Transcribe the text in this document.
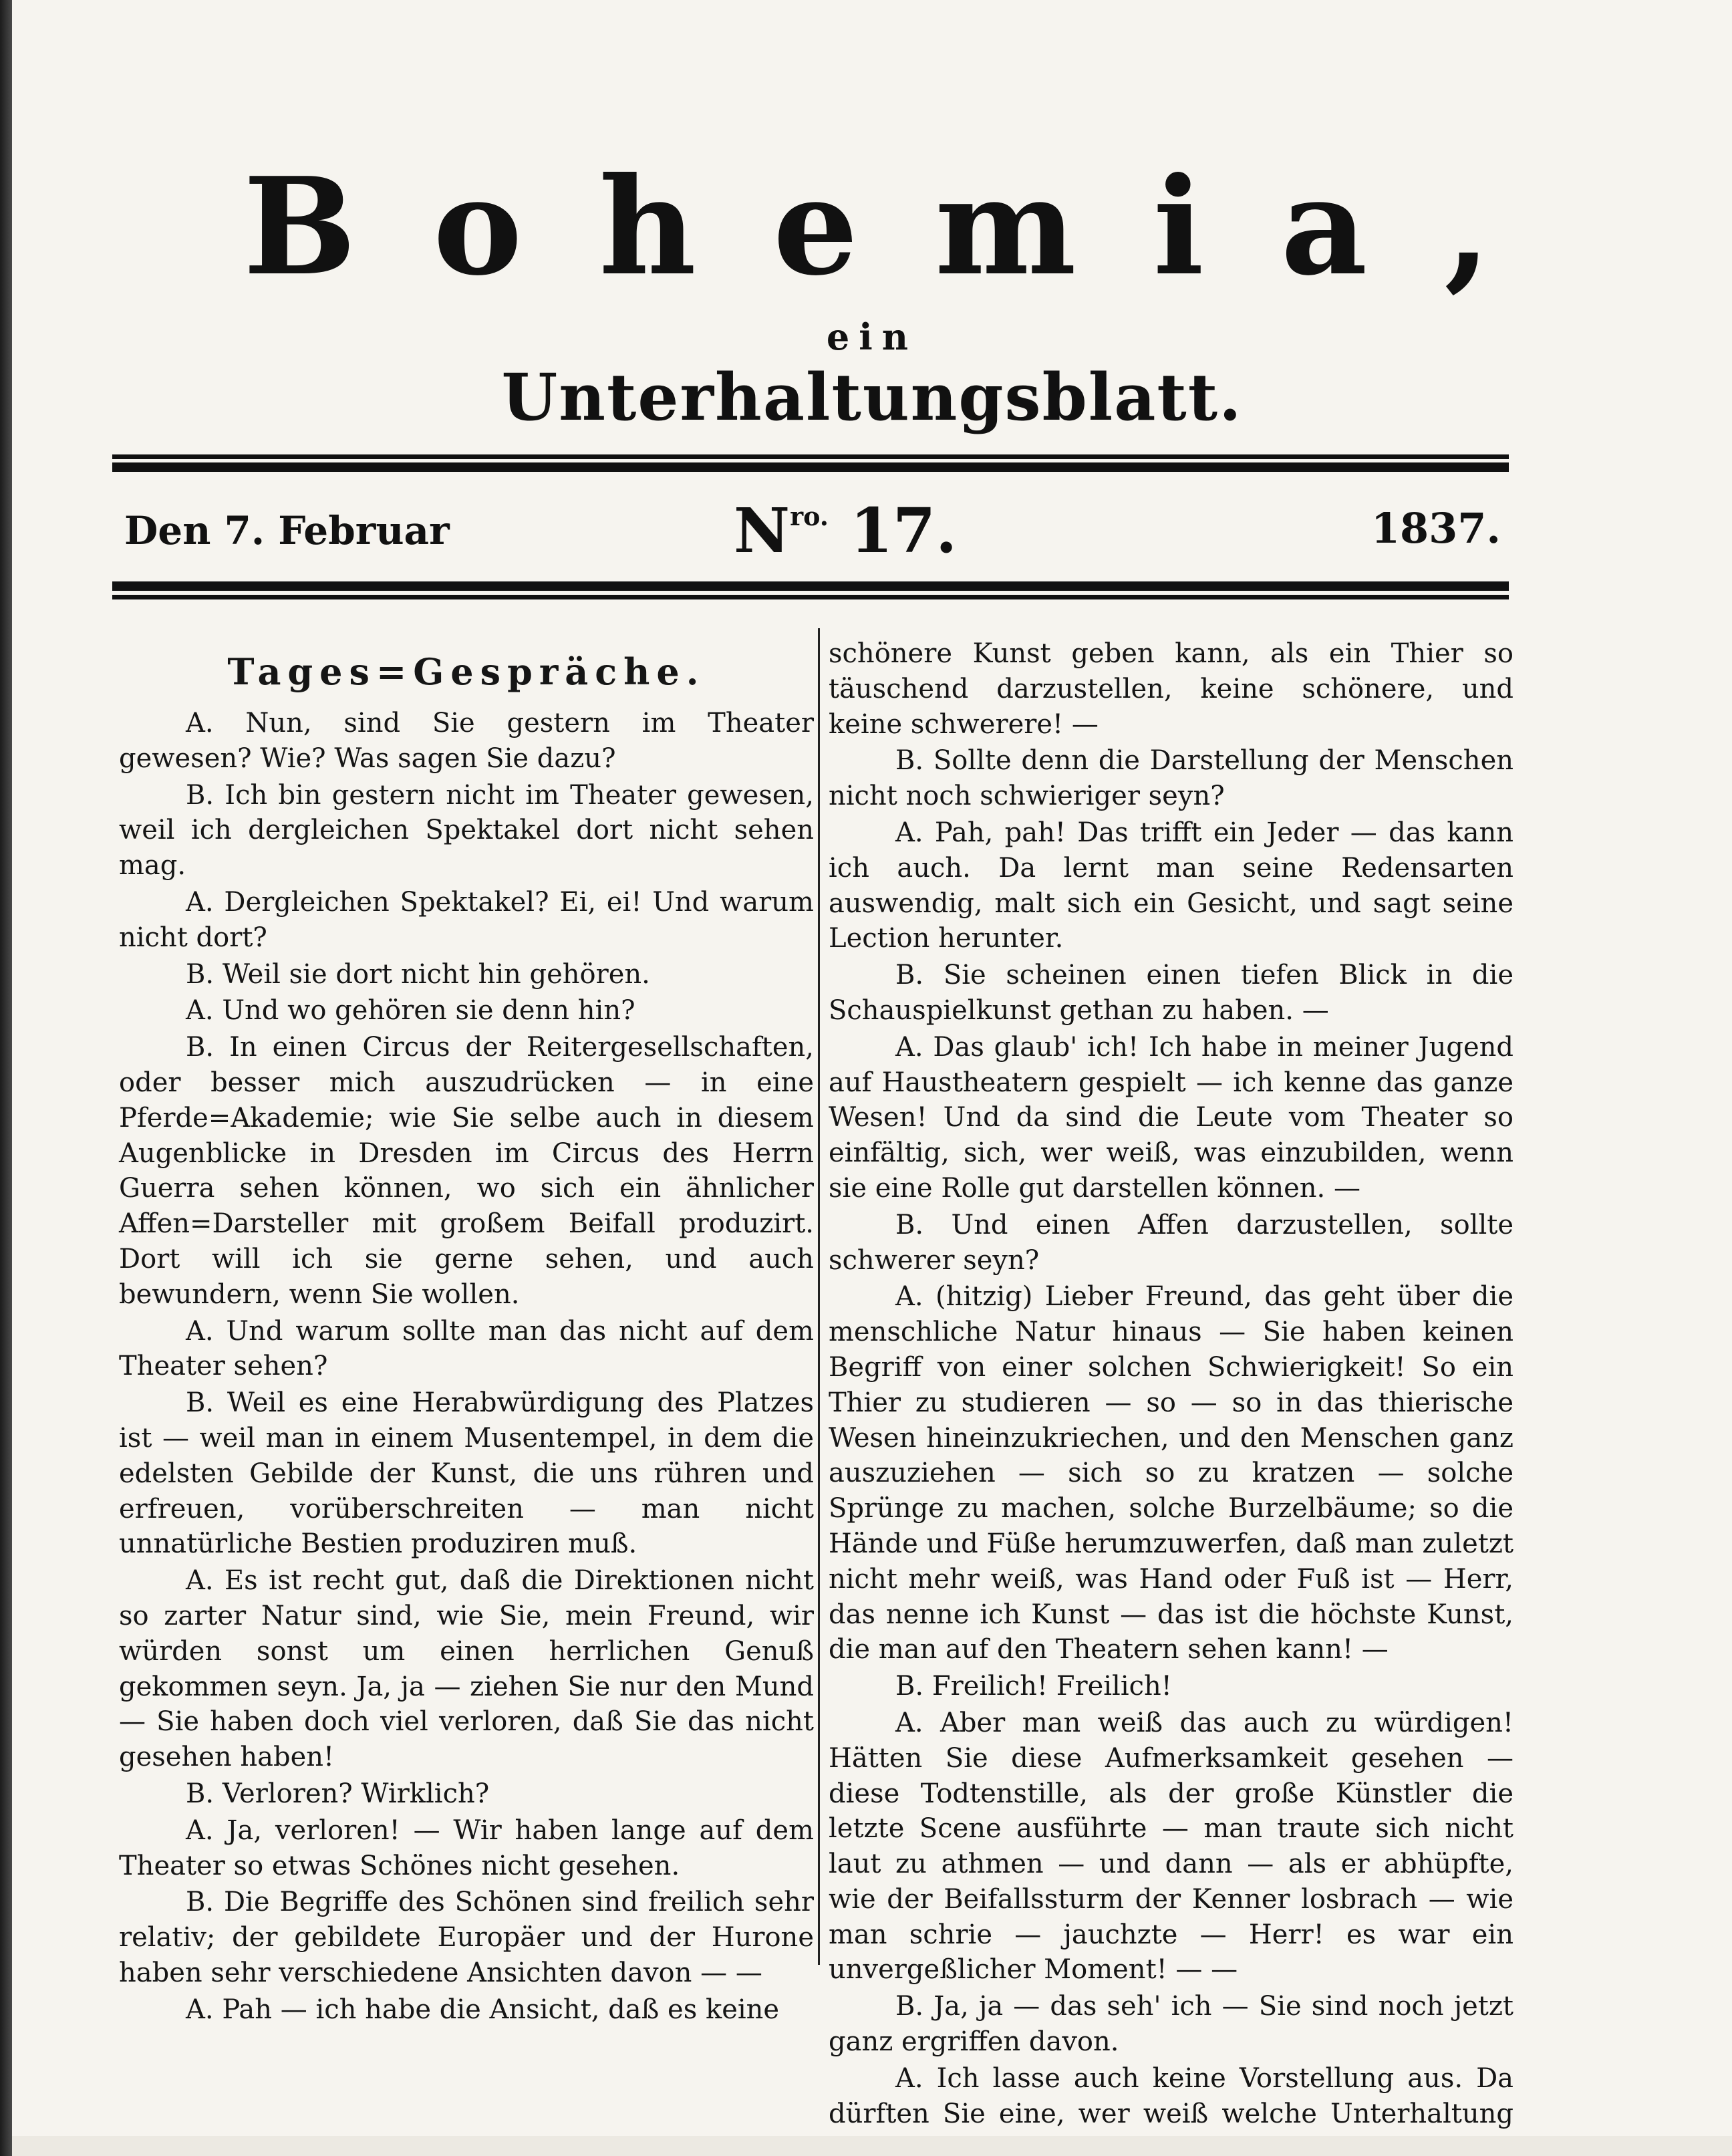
Bohemia,
ein
Unterhaltungsblatt.
Den 7. Februar	$N^{ro.}$ 17.	1837.
Tages=Gespräche.

A. Nun, sind Sie gestern im Theater gewesen? Wie? Was sagen Sie dazu?

B. Ich bin gestern nicht im Theater gewesen, weil ich dergleichen Spektakel dort nicht sehen mag.

A. Dergleichen Spektakel? Ei, ei! Und warum nicht dort?

B. Weil sie dort nicht hin gehören.

A. Und wo gehören sie denn hin?

B. In einen Circus der Reitergesellschaften, oder besser mich auszudrücken — in eine Pferde=Akademie; wie Sie selbe auch in diesem Augenblicke in Dresden im Circus des Herrn Guerra sehen können, wo sich ein ähnlicher Affen=Darsteller mit großem Beifall produzirt. Dort will ich sie gerne sehen, und auch bewundern, wenn Sie wollen.

A. Und warum sollte man das nicht auf dem Theater sehen?

B. Weil es eine Herabwürdigung des Platzes ist — weil man in einem Musentempel, in dem die edelsten Gebilde der Kunst, die uns rühren und erfreuen, vorüberschreiten — man nicht unnatürliche Bestien produziren muß.

A. Es ist recht gut, daß die Direktionen nicht so zarter Natur sind, wie Sie, mein Freund, wir würden sonst um einen herrlichen Genuß gekommen seyn. Ja, ja — ziehen Sie nur den Mund — Sie haben doch viel verloren, daß Sie das nicht gesehen haben!

B. Verloren? Wirklich?

A. Ja, verloren! — Wir haben lange auf dem Theater so etwas Schönes nicht gesehen.

B. Die Begriffe des Schönen sind freilich sehr relativ; der gebildete Europäer und der Hurone haben sehr verschiedene Ansichten davon — —

A. Pah — ich habe die Ansicht, daß es keine

schönere Kunst geben kann, als ein Thier so täuschend darzustellen, keine schönere, und keine schwerere! —

B. Sollte denn die Darstellung der Menschen nicht noch schwieriger seyn?

A. Pah, pah! Das trifft ein Jeder — das kann ich auch. Da lernt man seine Redensarten auswendig, malt sich ein Gesicht, und sagt seine Lection herunter.

B. Sie scheinen einen tiefen Blick in die Schauspielkunst gethan zu haben. —

A. Das glaub' ich! Ich habe in meiner Jugend auf Haustheatern gespielt — ich kenne das ganze Wesen! Und da sind die Leute vom Theater so einfältig, sich, wer weiß, was einzubilden, wenn sie eine Rolle gut darstellen können. —

B. Und einen Affen darzustellen, sollte schwerer seyn?

A. (hitzig) Lieber Freund, das geht über die menschliche Natur hinaus — Sie haben keinen Begriff von einer solchen Schwierigkeit! So ein Thier zu studieren — so — so in das thierische Wesen hineinzukriechen, und den Menschen ganz auszuziehen — sich so zu kratzen — solche Sprünge zu machen, solche Burzelbäume; so die Hände und Füße herumzuwerfen, daß man zuletzt nicht mehr weiß, was Hand oder Fuß ist — Herr, das nenne ich Kunst — das ist die höchste Kunst, die man auf den Theatern sehen kann! —

B. Freilich! Freilich!

A. Aber man weiß das auch zu würdigen! Hätten Sie diese Aufmerksamkeit gesehen — diese Todtenstille, als der große Künstler die letzte Scene ausführte — man traute sich nicht laut zu athmen — und dann — als er abhüpfte, wie der Beifallssturm der Kenner losbrach — wie man schrie — jauchzte — Herr! es war ein unvergeßlicher Moment! — —

B. Ja, ja — das seh' ich — Sie sind noch jetzt ganz ergriffen davon.

A. Ich lasse auch keine Vorstellung aus. Da dürften Sie eine, wer weiß welche Unterhaltung
